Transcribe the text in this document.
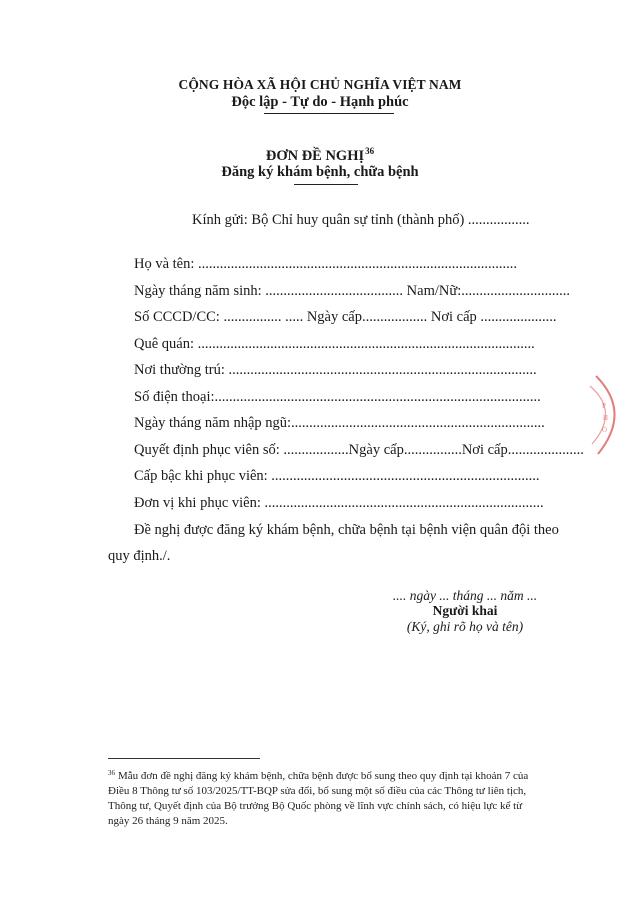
CỘNG HÒA XÃ HỘI CHỦ NGHĨA VIỆT NAM
Độc lập - Tự do - Hạnh phúc
ĐƠN ĐỀ NGHỊ$^{36}$
Đăng ký khám bệnh, chữa bệnh
Kính gửi: Bộ Chỉ huy quân sự tỉnh (thành phố) .................
Họ và tên: ........................................................................................
Ngày tháng năm sinh: ...................................... Nam/Nữ:..............................
Số CCCD/CC: ................ ..... Ngày cấp.................. Nơi cấp .....................
Quê quán: .............................................................................................
Nơi thường trú: .....................................................................................
Số điện thoại:..........................................................................................
Ngày tháng năm nhập ngũ:......................................................................
Quyết định phục viên số: ..................Ngày cấp................Nơi cấp.....................
Cấp bậc khi phục viên: ..........................................................................
Đơn vị khi phục viên: .............................................................................
Đề nghị được đăng ký khám bệnh, chữa bệnh tại bệnh viện quân đội theo
quy định./.
.... ngày ... tháng ... năm ...
Người khai
(Ký, ghi rõ họ và tên)
P
H
Ò
$^{36}$ Mẫu đơn đề nghị đăng ký khám bệnh, chữa bệnh được bổ sung theo quy định tại khoản 7 của Điều 8 Thông tư số 103/2025/TT-BQP sửa đổi, bổ sung một số điều của các Thông tư liên tịch, Thông tư, Quyết định của Bộ trưởng Bộ Quốc phòng về lĩnh vực chính sách, có hiệu lực kể từ ngày 26 tháng 9 năm 2025.
